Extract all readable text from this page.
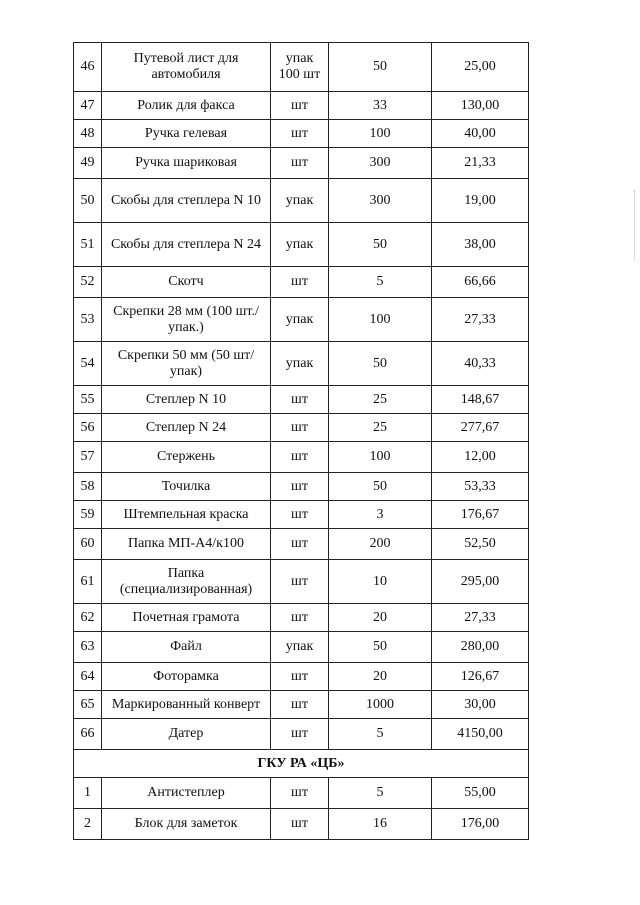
46	Путевой лист для автомобиля	упак 100 шт	50	25,00
47	Ролик для факса	шт	33	130,00
48	Ручка гелевая	шт	100	40,00
49	Ручка шариковая	шт	300	21,33
50	Скобы для степлера N 10	упак	300	19,00
51	Скобы для степлера N 24	упак	50	38,00
52	Скотч	шт	5	66,66
53	Скрепки 28 мм (100 шт./упак.)	упак	100	27,33
54	Скрепки 50 мм (50 шт/упак)	упак	50	40,33
55	Степлер N 10	шт	25	148,67
56	Степлер N 24	шт	25	277,67
57	Стержень	шт	100	12,00
58	Точилка	шт	50	53,33
59	Штемпельная краска	шт	3	176,67
60	Папка МП-А4/к100	шт	200	52,50
61	Папка (специализированная)	шт	10	295,00
62	Почетная грамота	шт	20	27,33
63	Файл	упак	50	280,00
64	Фоторамка	шт	20	126,67
65	Маркированный конверт	шт	1000	30,00
66	Датер	шт	5	4150,00
ГКУ РА «ЦБ»				
1	Антистеплер	шт	5	55,00
2	Блок для заметок	шт	16	176,00
